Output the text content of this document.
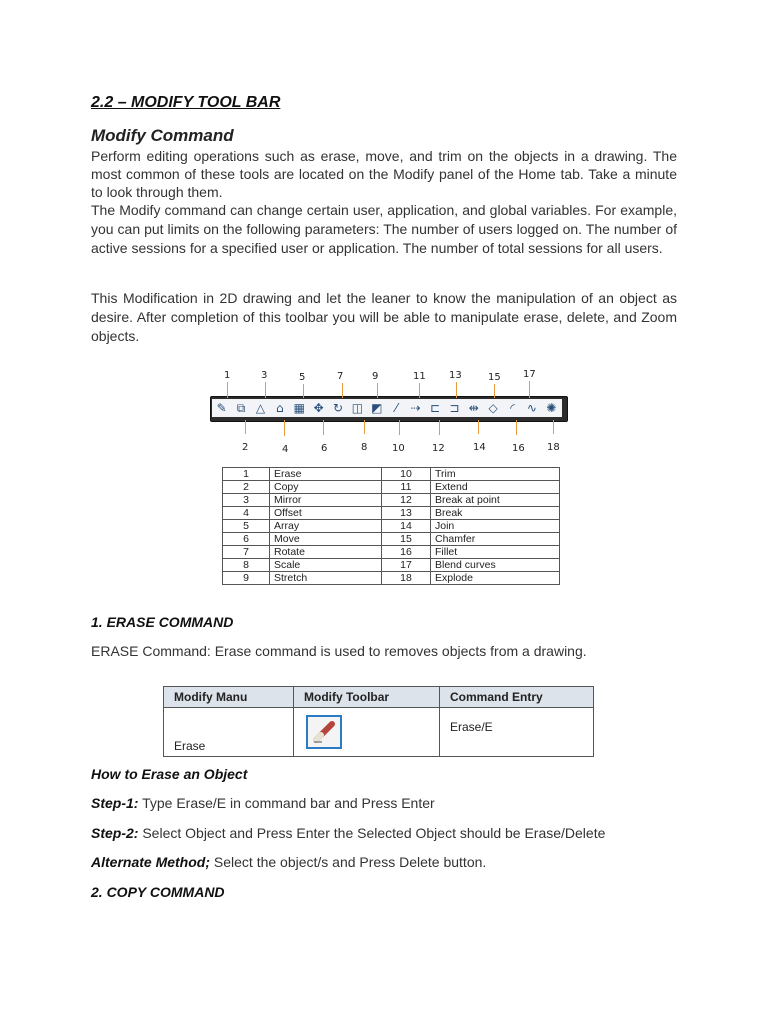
2.2 – MODIFY TOOL BAR
Modify Command

Perform editing operations such as erase, move, and trim on the objects in a drawing. The most common of these tools are located on the Modify panel of the Home tab. Take a minute to look through them.

The Modify command can change certain user, application, and global variables. For example, you can put limits on the following parameters: The number of users logged on. The number of active sessions for a specified user or application. The number of total sessions for all users.

This Modification in 2D drawing and let the leaner to know the manipulation of an object as desire. After completion of this toolbar you will be able to manipulate erase, delete, and Zoom objects.

✎ ⧉ △ ⌂ ▦ ✥ ↻ ◫ ◩	⁄	⇢ ⊏ ⊐ ⇹ ◇	◜	∿ ✺
1	3	5	7	9	11 13	15 17
2	4	6	8 10	12	14	16 18
1	Erase	10	Trim
2	Copy	11	Extend
3	Mirror	12	Break at point
4	Offset	13	Break
5	Array	14	Join
6	Move	15	Chamfer
7	Rotate	16	Fillet
8	Scale	17	Blend curves
9	Stretch	18	Explode
1. ERASE COMMAND
ERASE Command: Erase command is used to removes objects from a drawing.
Modify Manu	Modify Toolbar	Command Entry
Erase		Erase/E
How to Erase an Object
Step-1: Type Erase/E in command bar and Press Enter
Step-2: Select Object and Press Enter the Selected Object should be Erase/Delete
Alternate Method; Select the object/s and Press Delete button.
2. COPY COMMAND
